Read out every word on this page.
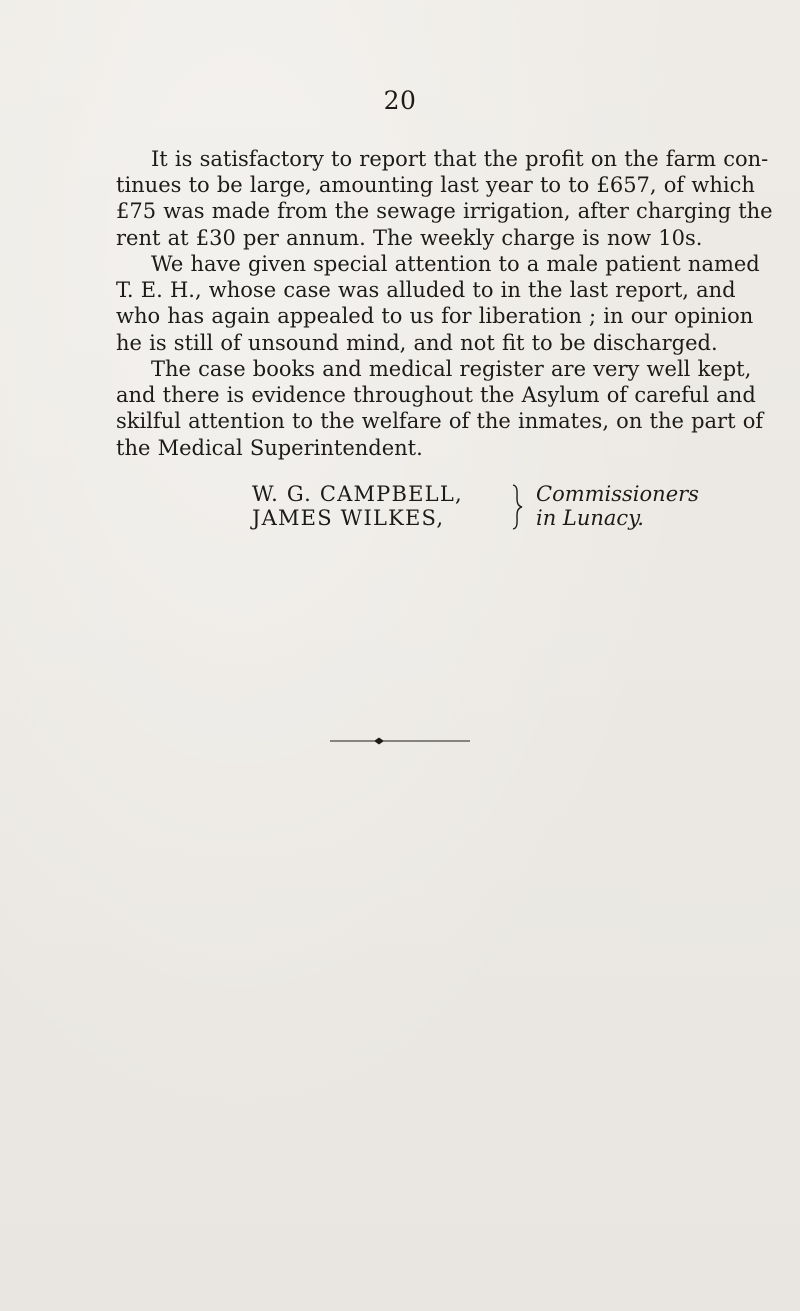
20

It is satisfactory to report that the profit on the farm con-
tinues to be large, amounting last year to to £657, of which
£75 was made from the sewage irrigation, after charging the
rent at £30 per annum. The weekly charge is now 10s.

We have given special attention to a male patient named
T. E. H., whose case was alluded to in the last report, and
who has again appealed to us for liberation ; in our opinion
he is still of unsound mind, and not fit to be discharged.

The case books and medical register are very well kept,
and there is evidence throughout the Asylum of careful and
skilful attention to the welfare of the inmates, on the part of
the Medical Superintendent.

W. G. CAMPBELL,
JAMES WILKES,
Commissioners
in Lunacy.
